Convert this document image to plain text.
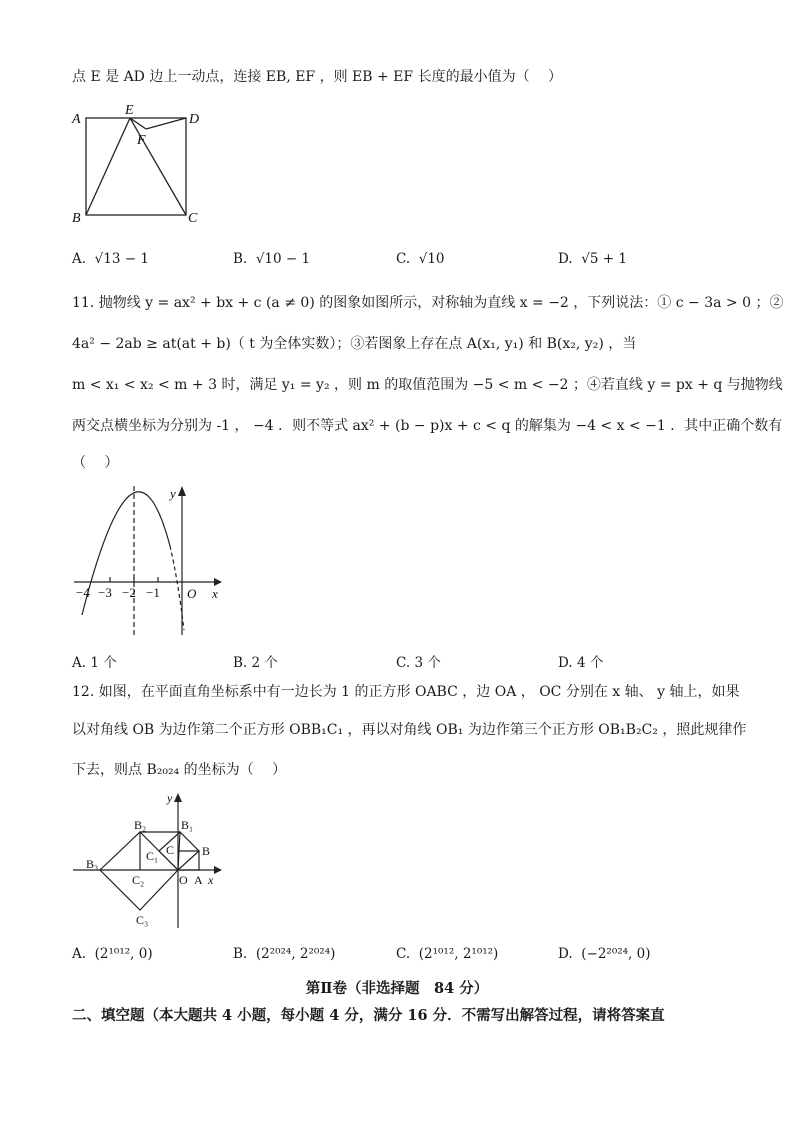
点 E 是 AD 边上一动点，连接 EB, EF ，则 EB + EF 长度的最小值为（　 ）
A
E
D
F
B	C
A. √13 − 1	B. √10 − 1	C. √10	D. √5 + 1
11. 抛物线 y = ax² + bx + c (a ≠ 0) 的图象如图所示，对称轴为直线 x = −2 ，下列说法：① c − 3a > 0 ；②
4a² − 2ab ≥ at(at + b)（ t 为全体实数）；③若图象上存在点 A(x₁, y₁) 和 B(x₂, y₂) ，当
m < x₁ < x₂ < m + 3 时，满足 y₁ = y₂ ，则 m 的取值范围为 −5 < m < −2 ；④若直线 y = px + q 与抛物线
两交点横坐标为分别为 -1 ， −4 ．则不等式 ax² + (b − p)x + c < q 的解集为 −4 < x < −1 ．其中正确个数有
（　 ）
y
x
O
−4 −3 −2 −1
A. 1 个	B. 2 个	C. 3 个	D. 4 个
12. 如图，在平面直角坐标系中有一边长为 1 的正方形 OABC ，边 OA ， OC 分别在 x 轴、 y 轴上，如果
以对角线 OB 为边作第二个正方形 OBB₁C₁ ，再以对角线 OB₁ 为边作第三个正方形 OB₁B₂C₂ ，照此规律作
下去，则点 B₂₀₂₄ 的坐标为（　 ）
y
x
O A
B
C
B₁
C₁
B₂
C₂
B₃
C₃
A. (2¹⁰¹², 0)	B. (2²⁰²⁴, 2²⁰²⁴)	C. (2¹⁰¹², 2¹⁰¹²)	D. (−2²⁰²⁴, 0)
第Ⅱ卷（非选择题　84 分）
二、填空题（本大题共 4 小题，每小题 4 分，满分 16 分．不需写出解答过程，请将答案直
